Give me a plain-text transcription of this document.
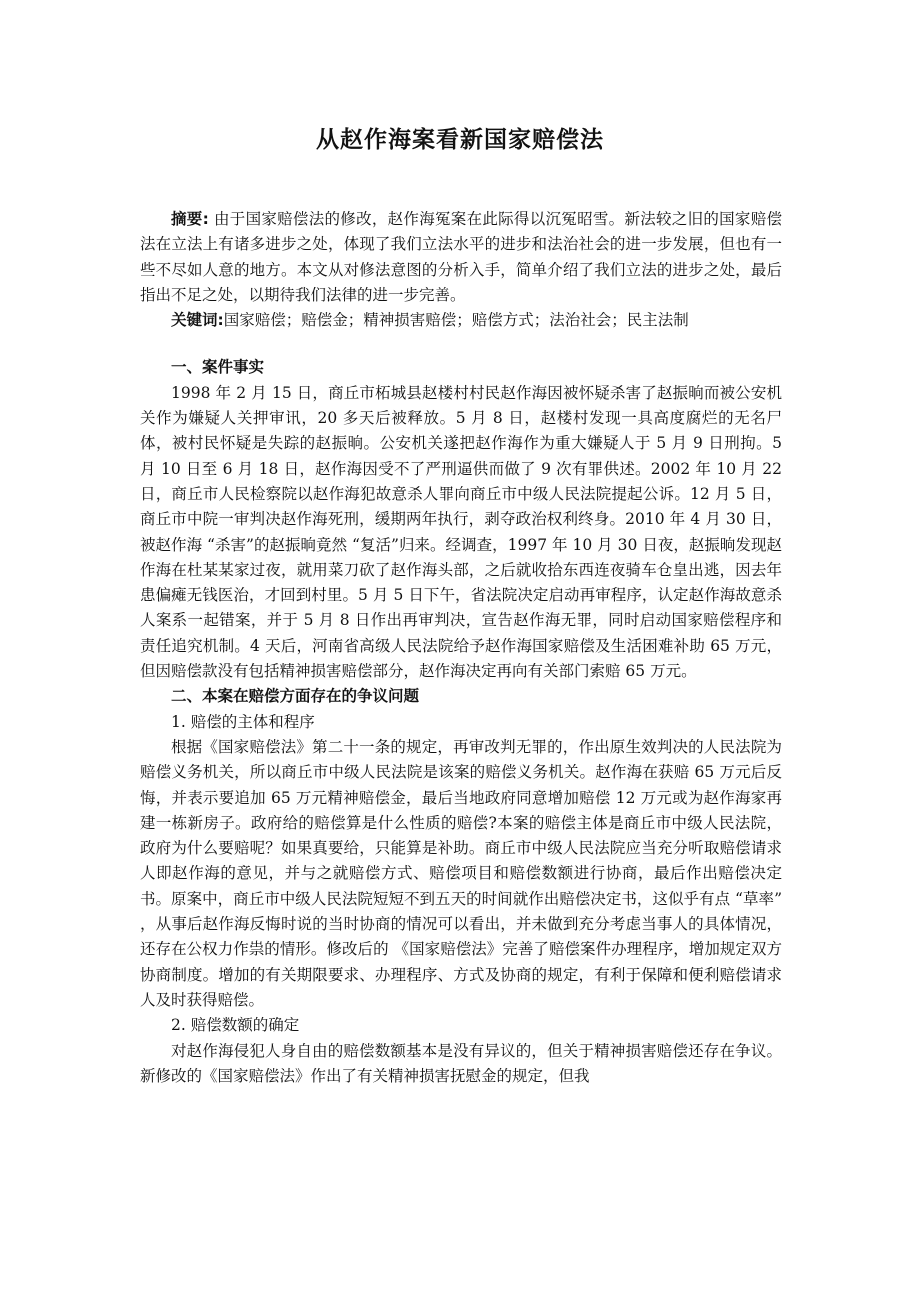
从赵作海案看新国家赔偿法

摘要: 由于国家赔偿法的修改，赵作海冤案在此际得以沉冤昭雪。新法较之旧的国家赔偿法在立法上有诸多进步之处，体现了我们立法水平的进步和法治社会的进一步发展，但也有一些不尽如人意的地方。本文从对修法意图的分析入手，简单介绍了我们立法的进步之处，最后指出不足之处，以期待我们法律的进一步完善。

关键词:国家赔偿；赔偿金；精神损害赔偿；赔偿方式；法治社会；民主法制

一、案件事实

1998 年 2 月 15 日，商丘市柘城县赵楼村村民赵作海因被怀疑杀害了赵振晌而被公安机关作为嫌疑人关押审讯，20 多天后被释放。5 月 8 日，赵楼村发现一具高度腐烂的无名尸体，被村民怀疑是失踪的赵振晌。公安机关遂把赵作海作为重大嫌疑人于 5 月 9 日刑拘。5 月 10 日至 6 月 18 日，赵作海因受不了严刑逼供而做了 9 次有罪供述。2002 年 10 月 22 日，商丘市人民检察院以赵作海犯故意杀人罪向商丘市中级人民法院提起公诉。12 月 5 日，商丘市中院一审判决赵作海死刑，缓期两年执行，剥夺政治权利终身。2010 年 4 月 30 日，被赵作海 “杀害”的赵振晌竟然 “复活”归来。经调查，1997 年 10 月 30 日夜，赵振晌发现赵作海在杜某某家过夜，就用菜刀砍了赵作海头部，之后就收拾东西连夜骑车仓皇出逃，因去年患偏瘫无钱医治，才回到村里。5 月 5 日下午，省法院决定启动再审程序，认定赵作海故意杀人案系一起错案，并于 5 月 8 日作出再审判决，宣告赵作海无罪，同时启动国家赔偿程序和责任追究机制。4 天后，河南省高级人民法院给予赵作海国家赔偿及生活困难补助 65 万元，但因赔偿款没有包括精神损害赔偿部分，赵作海决定再向有关部门索赔 65 万元。

二、本案在赔偿方面存在的争议问题

1. 赔偿的主体和程序

根据《国家赔偿法》第二十一条的规定，再审改判无罪的，作出原生效判决的人民法院为赔偿义务机关，所以商丘市中级人民法院是该案的赔偿义务机关。赵作海在获赔 65 万元后反悔，并表示要追加 65 万元精神赔偿金，最后当地政府同意增加赔偿 12 万元或为赵作海家再建一栋新房子。政府给的赔偿算是什么性质的赔偿?本案的赔偿主体是商丘市中级人民法院，政府为什么要赔呢？如果真要给，只能算是补助。商丘市中级人民法院应当充分听取赔偿请求人即赵作海的意见，并与之就赔偿方式、赔偿项目和赔偿数额进行协商，最后作出赔偿决定书。原案中，商丘市中级人民法院短短不到五天的时间就作出赔偿决定书，这似乎有点 “草率” ，从事后赵作海反悔时说的当时协商的情况可以看出，并未做到充分考虑当事人的具体情况，还存在公权力作祟的情形。修改后的 《国家赔偿法》完善了赔偿案件办理程序，增加规定双方协商制度。增加的有关期限要求、办理程序、方式及协商的规定，有利于保障和便利赔偿请求人及时获得赔偿。

2. 赔偿数额的确定

对赵作海侵犯人身自由的赔偿数额基本是没有异议的，但关于精神损害赔偿还存在争议。新修改的《国家赔偿法》作出了有关精神损害抚慰金的规定，但我
